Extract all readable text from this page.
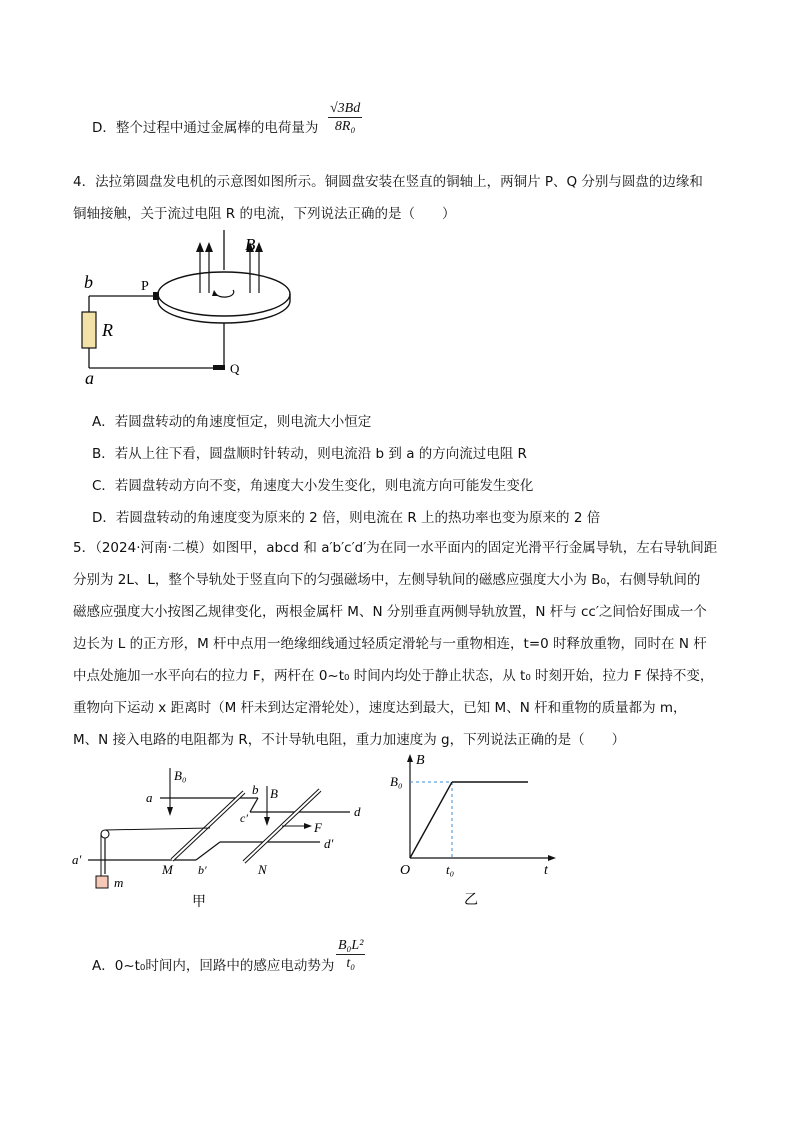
D．整个过程中通过金属棒的电荷量为 $\frac{√3Bd}{\text{8R₀}}$
4．法拉第圆盘发电机的示意图如图所示。铜圆盘安装在竖直的铜轴上，两铜片 P、Q 分别与圆盘的边缘和
铜轴接触，关于流过电阻 R 的电流，下列说法正确的是（　　）
B
P
b
R
a	Q
A．若圆盘转动的角速度恒定，则电流大小恒定
B．若从上往下看，圆盘顺时针转动，则电流沿 b 到 a 的方向流过电阻 R
C．若圆盘转动方向不变，角速度大小发生变化，则电流方向可能发生变化
D．若圆盘转动的角速度变为原来的 2 倍，则电流在 R 上的热功率也变为原来的 2 倍
5．（2024·河南·二模）如图甲，abcd 和 a′b′c′d′为在同一水平面内的固定光滑平行金属导轨，左右导轨间距
分别为 2L、L，整个导轨处于竖直向下的匀强磁场中，左侧导轨间的磁感应强度大小为 B₀，右侧导轨间的
磁感应强度大小按图乙规律变化，两根金属杆 M、N 分别垂直两侧导轨放置，N 杆与 cc′之间恰好围成一个
边长为 L 的正方形，M 杆中点用一绝缘细线通过轻质定滑轮与一重物相连，t=0 时释放重物，同时在 N 杆
中点处施加一水平向右的拉力 F，两杆在 0~t₀ 时间内均处于静止状态，从 t₀ 时刻开始，拉力 F 保持不变，
重物向下运动 x 距离时（M 杆未到达定滑轮处），速度达到最大，已知 M、N 杆和重物的质量都为 m，
M、N 接入电路的电阻都为 R，不计导轨电阻，重力加速度为 g，下列说法正确的是（　　）
B₀
a
b B
c′	d
F
d′
a′
b′
M	N
m
甲
B
t
O
B₀
t₀
乙
A．0~t₀时间内，回路中的感应电动势为 $\frac{\text{B₀L²}}{\text{t₀}}$
